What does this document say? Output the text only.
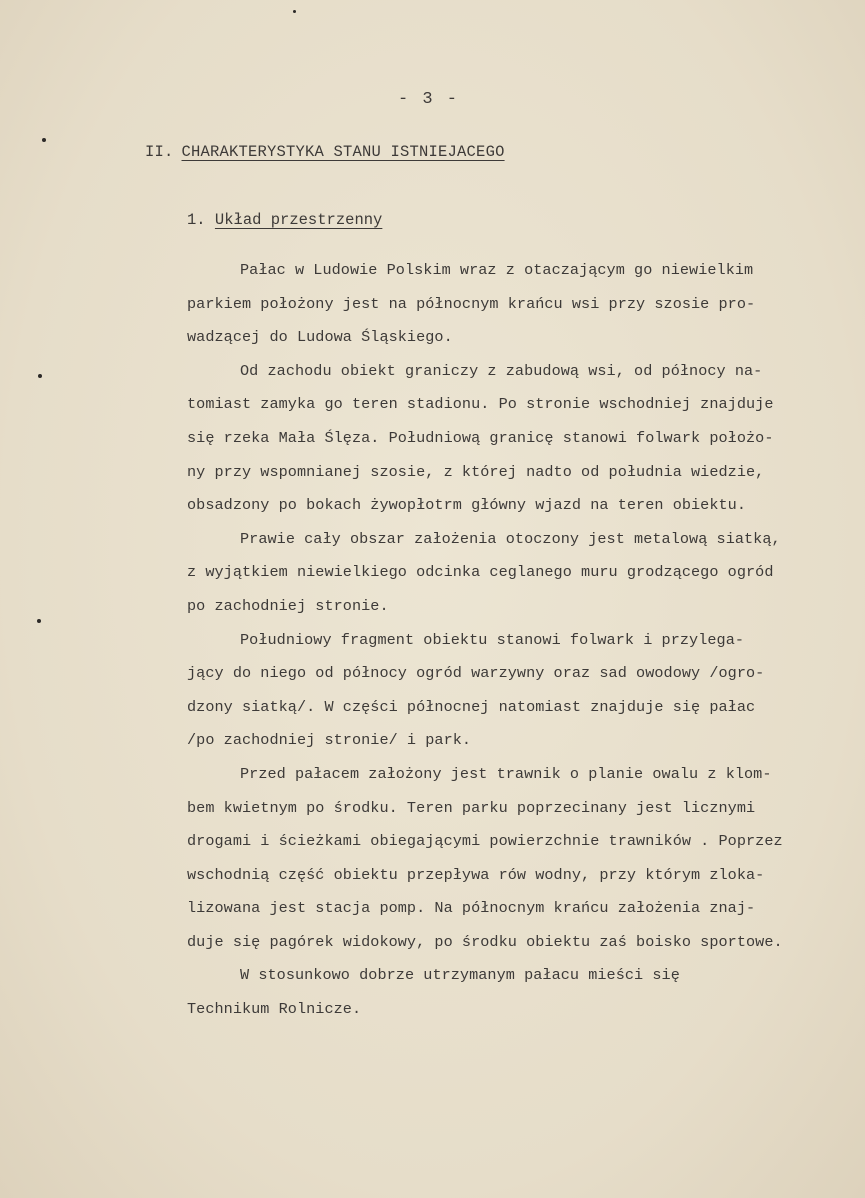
- 3 -
II. CHARAKTERYSTYKA STANU ISTNIEJACEGO
1. Układ przestrzenny
Pałac w Ludowie Polskim wraz z otaczającym go niewielkim
parkiem położony jest na północnym krańcu wsi przy szosie pro-
wadzącej do Ludowa Śląskiego.
Od zachodu obiekt graniczy z zabudową wsi, od północy na-
tomiast zamyka go teren stadionu. Po stronie wschodniej znajduje
się rzeka Mała Ślęza. Południową granicę stanowi folwark położo-
ny przy wspomnianej szosie, z której nadto od południa wiedzie,
obsadzony po bokach żywopłotrm główny wjazd na teren obiektu.
Prawie cały obszar założenia otoczony jest metalową siatką,
z wyjątkiem niewielkiego odcinka ceglanego muru grodzącego ogród
po zachodniej stronie.
Południowy fragment obiektu stanowi folwark i przylega-
jący do niego od północy ogród warzywny oraz sad owodowy /ogro-
dzony siatką/. W części północnej natomiast znajduje się pałac
/po zachodniej stronie/ i park.
Przed pałacem założony jest trawnik o planie owalu z klom-
bem kwietnym po środku. Teren parku poprzecinany jest licznymi
drogami i ścieżkami obiegającymi powierzchnie trawników . Poprzez
wschodnią część obiektu przepływa rów wodny, przy którym zloka-
lizowana jest stacja pomp. Na północnym krańcu założenia znaj-
duje się pagórek widokowy, po środku obiektu zaś boisko sportowe.
W stosunkowo dobrze utrzymanym pałacu mieści się
Technikum Rolnicze.
